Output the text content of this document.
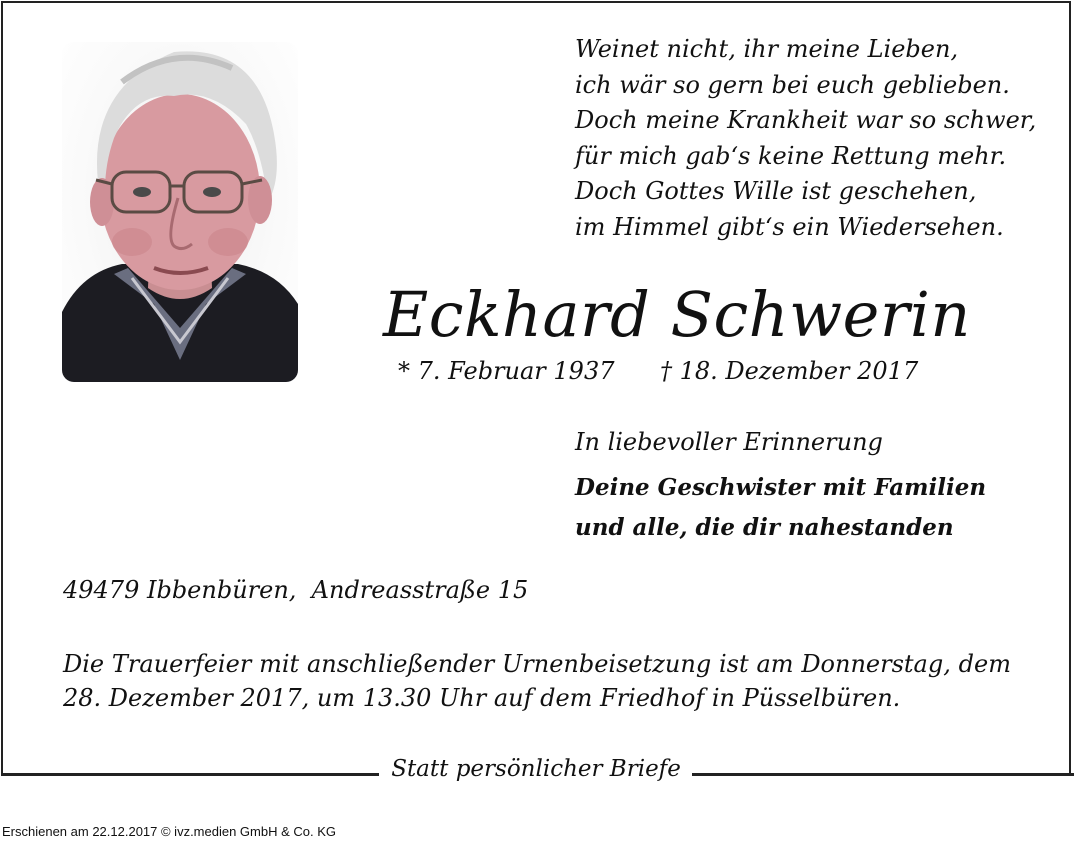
Weinet nicht, ihr meine Lieben,
ich wär so gern bei euch geblieben.
Doch meine Krankheit war so schwer,
für mich gab‘s keine Rettung mehr.
Doch Gottes Wille ist geschehen,
im Himmel gibt‘s ein Wiedersehen.
Eckhard Schwerin
* 7. Februar 1937 † 18. Dezember 2017
In liebevoller Erinnerung
Deine Geschwister mit Familien
und alle, die dir nahestanden
49479 Ibbenbüren,  Andreasstraße 15
Die Trauerfeier mit anschließender Urnenbeisetzung ist am Donnerstag, dem 28. Dezember 2017, um 13.30 Uhr auf dem Friedhof in Püsselbüren.
Statt persönlicher Briefe
Erschienen am 22.12.2017 © ivz.medien GmbH & Co. KG
